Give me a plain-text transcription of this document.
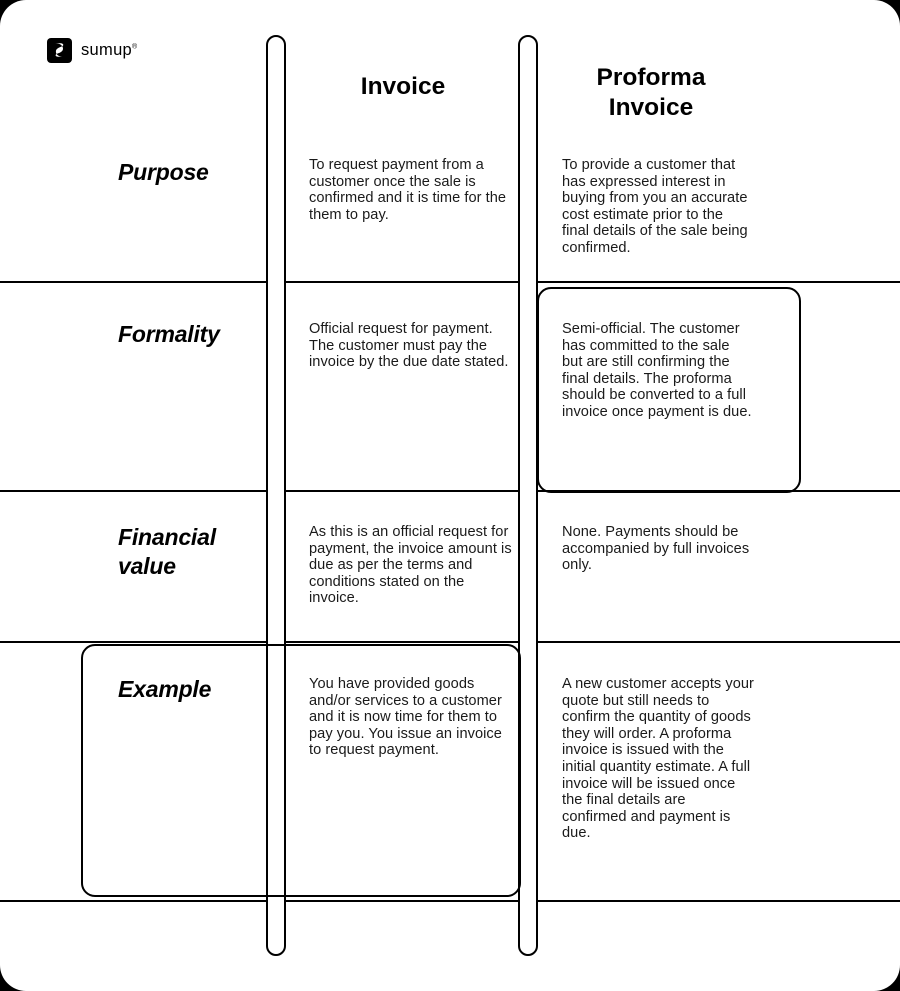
sumup®
Invoice	Proforma
Invoice
Purpose
Formality
Financial value
Example
To request payment from a customer once the sale is confirmed and it is time for the them to pay.
To provide a customer that has expressed interest in buying from you an accurate cost estimate prior to the final details of the sale being confirmed.
Official request for payment. The customer must pay the invoice by the due date stated.
Semi-official. The customer has committed to the sale but are still confirming the final details. The proforma should be converted to a full invoice once payment is due.
As this is an official request for payment, the invoice amount is due as per the terms and conditions stated on the invoice.
None. Payments should be accompanied by full invoices only.
You have provided goods and/or services to a customer and it is now time for them to pay you. You issue an invoice to request payment.
A new customer accepts your quote but still needs to confirm the quantity of goods they will order. A proforma invoice is issued with the initial quantity estimate. A full invoice will be issued once the final details are confirmed and payment is due.
